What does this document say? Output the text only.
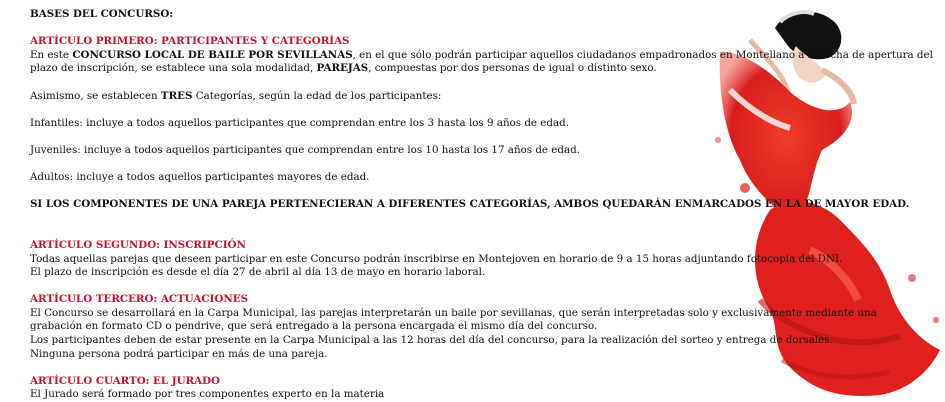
BASES DEL CONCURSO:
ARTÍCULO PRIMERO: PARTICIPANTES Y CATEGORÍAS
En este CONCURSO LOCAL DE BAILE POR SEVILLANAS, en el que sólo podrán participar aquellos ciudadanos empadronados en Montellano a la fecha de apertura del
plazo de inscripción, se establece una sola modalidad, PAREJAS, compuestas por dos personas de igual o distinto sexo.
Asimismo, se establecen TRES Categorías, según la edad de los participantes:
Infantiles: incluye a todos aquellos participantes que comprendan entre los 3 hasta los 9 años de edad.
Juveniles: incluye a todos aquellos participantes que comprendan entre los 10 hasta los 17 años de edad.
Adultos: incluye a todos aquellos participantes mayores de edad.
SI LOS COMPONENTES DE UNA PAREJA PERTENECIERAN A DIFERENTES CATEGORÍAS, AMBOS QUEDARÁN ENMARCADOS EN LA DE MAYOR EDAD.
ARTÍCULO SEGUNDO: INSCRIPCIÓN
Todas aquellas parejas que deseen participar en este Concurso podrán inscribirse en Montejoven en horario de 9 a 15 horas adjuntando fotocopia del DNI.
El plazo de inscripción es desde el día 27 de abril al día 13 de mayo en horario laboral.
ARTÍCULO TERCERO: ACTUACIONES
El Concurso se desarrollará en la Carpa Municipal, las parejas interpretarán un baile por sevillanas, que serán interpretadas solo y exclusivamente mediante una
grabación en formato CD o pendrive, que será entregado a la persona encargada el mismo día del concurso.
Los participantes deben de estar presente en la Carpa Municipal a las 12 horas del día del concurso, para la realización del sorteo y entrega de dorsales.
Ninguna persona podrá participar en más de una pareja.
ARTÍCULO CUARTO: EL JURADO
El Jurado será formado por tres componentes experto en la materia
